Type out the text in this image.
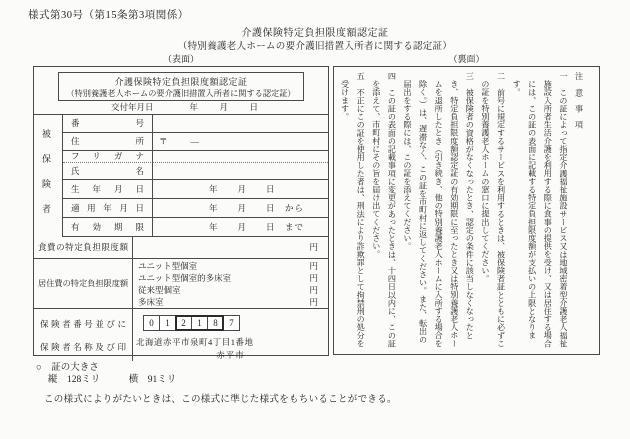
様式第30号（第15条第3項関係）
介護保険特定負担限度額認定証
（特別養護老人ホームの要介護旧措置入所者に関する認定証）
（表面）	（裏面）
介護保険特定負担限度額認定証
（特別養護老人ホームの要介護旧措置入所者に関する認定証）
交付年月日	年　　月　　日
被保険者
番号
住所	〒　　―
フリガナ
氏名
生年月日	年　　月　　日
適用年月日	年　　月　　日　から
有効期限	年　　月　　日　まで
食費の特定負担限度額	円
居住費の特定負担限度額
ユニット型個室	円
ユニット型個室的多床室	円
従来型個室	円
多床室	円
保険者番号並びに
保険者名称及び印
0	1	2	1	8	7
北海道赤平市泉町4丁目1番地
赤平市

注　意　事　項

一　この証によって指定介護福祉施設サービス又は地域密着型介護老人福祉施設入所者生活介護を利用する際に食事の提供を受け、又は居住する場合には、この証の表面に記載する特定負担限度額が支払いの上限となります。

二　前号に規定するサービスを利用するときは、被保険者証とともに必ずこの証を特別養護老人ホームの窓口に提出してください。

三　被保険者の資格がなくなったとき、認定の条件に該当しなくなったとき、特定負担限度額認定証の有効期限に至ったとき又は特別養護老人ホームを退所したとき（引き続き、他の特別養護老人ホームに入所する場合を除く。）は、遅滞なく、この証を市町村に返してください。また、転出の届出をする際には、この証を添えてください。

四　この証の表面の記載事項に変更があったときは、十四日以内に、この証を添えて、市町村にその旨を届け出てください。

五　不正にこの証を使用した者は、刑法により詐欺罪として拘禁刑の処分を受けます。

○　証の大きさ
縦　128ミリ　　　横　91ミリ
この様式によりがたいときは、この様式に準じた様式をもちいることができる。
